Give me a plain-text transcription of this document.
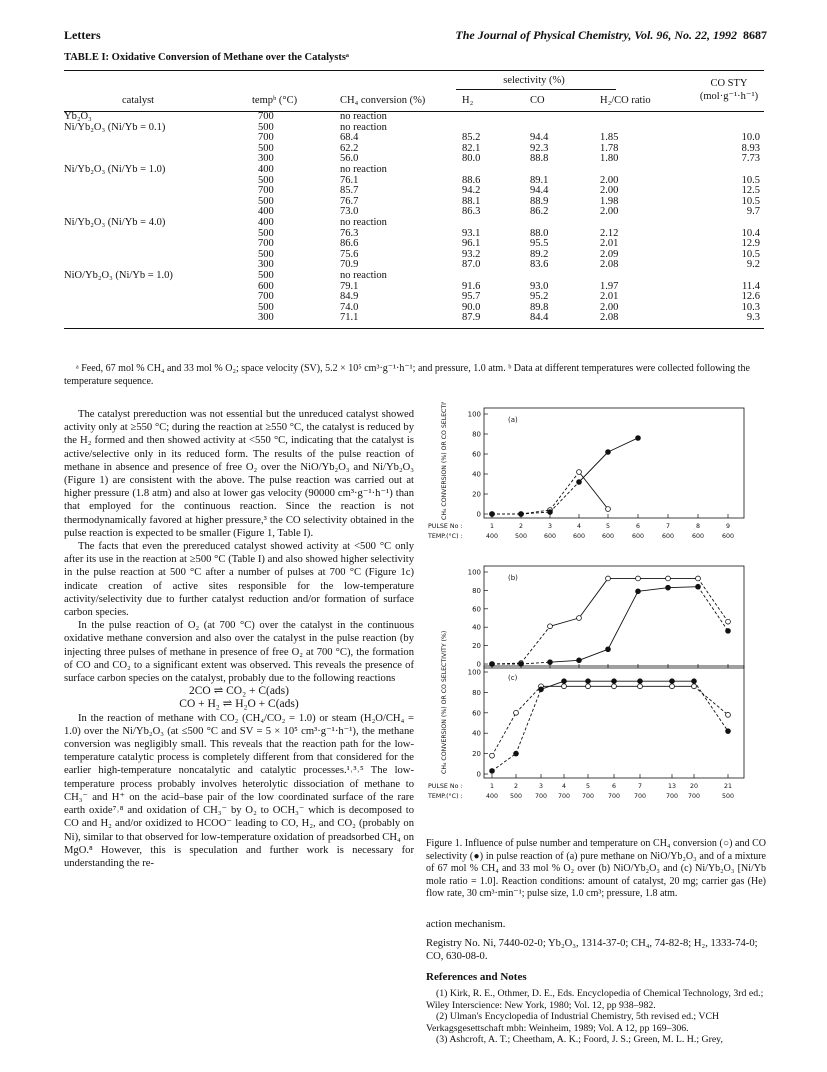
Letters	The Journal of Physical Chemistry, Vol. 96, No. 22, 1992 8687
TABLE I: Oxidative Conversion of Methane over the Catalystsᵃ
selectivity (%)
catalyst	tempᵇ (°C)	CH₄ conversion (%)	H₂	CO	H₂/CO ratio
CO STY
(mol·g⁻¹·h⁻¹)
Yb₂O₃	700	no reaction
Ni/Yb₂O₃ (Ni/Yb = 0.1)	500	no reaction
700	68.4	85.2	94.4	1.85	10.0
500	62.2	82.1	92.3	1.78	8.93
300	56.0	80.0	88.8	1.80	7.73
Ni/Yb₂O₃ (Ni/Yb = 1.0)	400	no reaction
500	76.1	88.6	89.1	2.00	10.5
700	85.7	94.2	94.4	2.00	12.5
500	76.7	88.1	88.9	1.98	10.5
400	73.0	86.3	86.2	2.00	9.7
Ni/Yb₂O₃ (Ni/Yb = 4.0)	400	no reaction
500	76.3	93.1	88.0	2.12	10.4
700	86.6	96.1	95.5	2.01	12.9
500	75.6	93.2	89.2	2.09	10.5
300	70.9	87.0	83.6	2.08	9.2
NiO/Yb₂O₃ (Ni/Yb = 1.0)	500	no reaction
600	79.1	91.6	93.0	1.97	11.4
700	84.9	95.7	95.2	2.01	12.6
500	74.0	90.0	89.8	2.00	10.3
300	71.1	87.9	84.4	2.08	9.3
ᵃ Feed, 67 mol % CH₄ and 33 mol % O₂; space velocity (SV), 5.2 × 10⁵ cm³·g⁻¹·h⁻¹; and pressure, 1.0 atm. ᵇ Data at different temperatures were collected following the temperature sequence.

The catalyst prereduction was not essential but the unreduced catalyst showed activity only at ≥550 °C; during the reaction at ≥550 °C, the catalyst is reduced by the H₂ formed and then showed activity at <550 °C, indicating that the catalyst is active/selective only in its reduced form. The results of the pulse reaction of methane in absence and presence of free O₂ over the NiO/Yb₂O₃ and Ni/Yb₂O₃ (Figure 1) are consistent with the above. The pulse reaction was carried out at higher pressure (1.8 atm) and also at lower gas velocity (90000 cm³·g⁻¹·h⁻¹) than that employed for the continuous reaction. Since the reaction is not thermodynamically favored at higher pressure,³ the CO selectivity obtained in the pulse reaction is expected to be smaller (Figure 1, Table I).

The facts that even the prereduced catalyst showed activity at <500 °C only after its use in the reaction at ≥500 °C (Table I) and also showed higher selectivity in the pulse reaction at 500 °C after a number of pulses at 700 °C (Figure 1c) indicate creation of active sites responsible for the low-temperature activity/selectivity due to further catalyst reduction and/or formation of surface carbon species.

In the pulse reaction of O₂ (at 700 °C) over the catalyst in the continuous oxidative methane conversion and also over the catalyst in the pulse reaction (by injecting three pulses of methane in presence of free O₂ at 700 °C), the formation of CO and CO₂ to a significant extent was observed. This reveals the presence of surface carbon species on the catalyst, probably due to the following reactions

2CO ⇌ CO₂ + C(ads)

CO + H₂ ⇌ H₂O + C(ads)

In the reaction of methane with CO₂ (CH₄/CO₂ = 1.0) or steam (H₂O/CH₄ = 1.0) over the Ni/Yb₂O₃ (at ≤500 °C and SV = 5 × 10⁵ cm³·g⁻¹·h⁻¹), the methane conversion was negligibly small. This reveals that the reaction path for the low-temperature catalytic process is completely different from that considered for the earlier high-temperature noncatalytic and catalytic processes.¹˒³˒⁵ The low-temperature process probably involves heterolytic dissociation of methane to CH₃⁻ and H⁺ on the acid–base pair of the low coordinated surface of the rare earth oxide⁷˒⁸ and oxidation of CH₃⁻ by O₂ to OCH₃⁻ which is decomposed to CO and H₂ and/or oxidized to HCOO⁻ leading to CO, H₂, and CO₂ (probably on Ni), similar to that observed for low-temperature oxidation of preadsorbed CH₄ on MgO.⁸ However, this is speculation and further work is necessary for understanding the re-

0
20
40
60
80
100
(a)
0
20
40
60
80
100
(b)
0
20
40
60
80
100
(c)
CH₄ CONVERSION (%) OR CO SELECTIVITY (%)
CH₄ CONVERSION (%) OR CO SELECTIVITY (%)
PULSE No :
TEMP.(°C) :
1
400
2
500
3
600
4
600
5
600
6
600
7
600
8
600
9
600
PULSE No :
TEMP.(°C) :
1
400
2
500
3
700
4
700
5
700
6
700
7
700
13
700
20
700
21
500
Figure 1. Influence of pulse number and temperature on CH₄ conversion (○) and CO selectivity (●) in pulse reaction of (a) pure methane on NiO/Yb₂O₃ and of a mixture of 67 mol % CH₄ and 33 mol % O₂ over (b) NiO/Yb₂O₃ and (c) Ni/Yb₂O₃ [Ni/Yb mole ratio = 1.0]. Reaction conditions: amount of catalyst, 20 mg; carrier gas (He) flow rate, 30 cm³·min⁻¹; pulse size, 1.0 cm³; pressure, 1.8 atm.

action mechanism.

Registry No. Ni, 7440-02-0; Yb₂O₃, 1314-37-0; CH₄, 74-82-8; H₂, 1333-74-0; CO, 630-08-0.

References and Notes

(1) Kirk, R. E., Othmer, D. E., Eds. Encyclopedia of Chemical Technology, 3rd ed.; Wiley Interscience: New York, 1980; Vol. 12, pp 938–982.

(2) Ulman's Encyclopedia of Industrial Chemistry, 5th revised ed.; VCH Verkagsgesettschaft mbh: Weinheim, 1989; Vol. A 12, pp 169–306.

(3) Ashcroft, A. T.; Cheetham, A. K.; Foord, J. S.; Green, M. L. H.; Grey,
